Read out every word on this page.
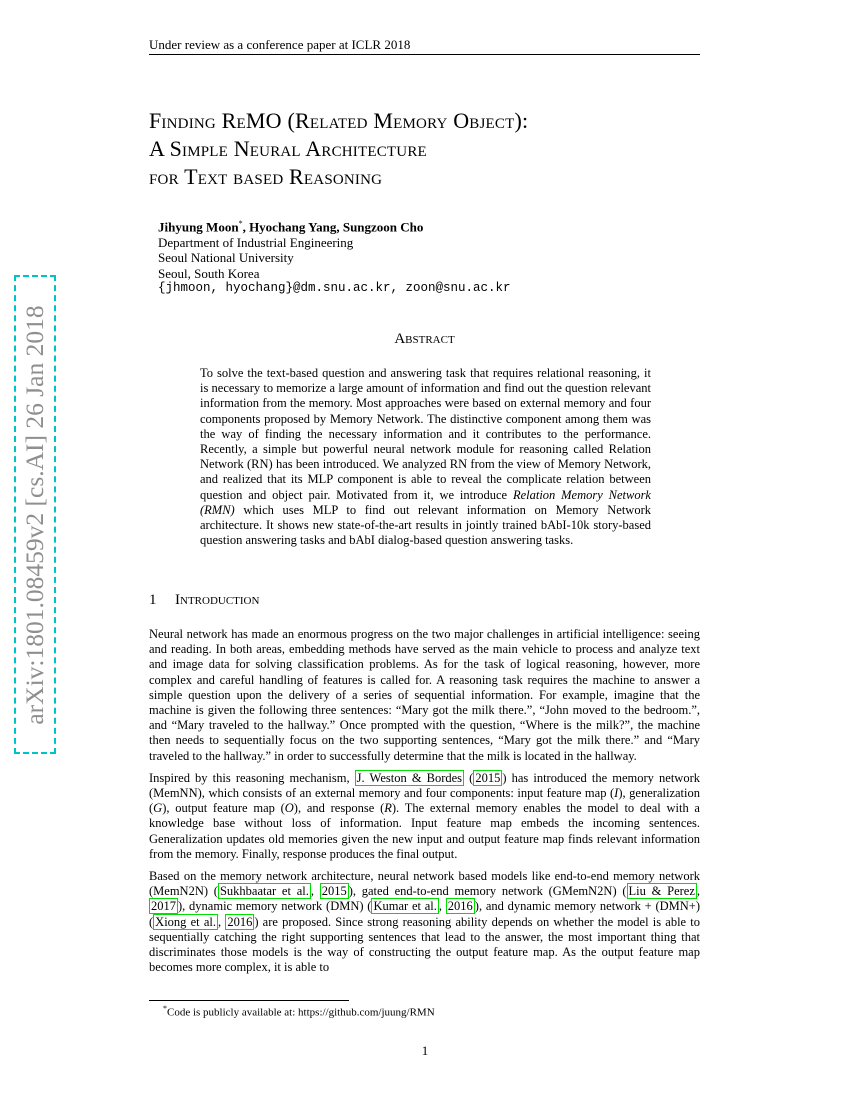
Under review as a conference paper at ICLR 2018
Finding ReMO (Related Memory Object):
A Simple Neural Architecture
for Text based Reasoning
Jihyung Moon*, Hyochang Yang, Sungzoon Cho
Department of Industrial Engineering
Seoul National University
Seoul, South Korea
{jhmoon, hyochang}@dm.snu.ac.kr, zoon@snu.ac.kr
arXiv:1801.08459v2 [cs.AI] 26 Jan 2018	Abstract
To solve the text-based question and answering task that requires relational reasoning, it is necessary to memorize a large amount of information and find out the question relevant information from the memory. Most approaches were based on external memory and four components proposed by Memory Network. The distinctive component among them was the way of finding the necessary information and it contributes to the performance. Recently, a simple but powerful neural network module for reasoning called Relation Network (RN) has been introduced. We analyzed RN from the view of Memory Network, and realized that its MLP component is able to reveal the complicate relation between question and object pair. Motivated from it, we introduce Relation Memory Network (RMN) which uses MLP to find out relevant information on Memory Network architecture. It shows new state-of-the-art results in jointly trained bAbI-10k story-based question answering tasks and bAbI dialog-based question answering tasks.
1 Introduction

Neural network has made an enormous progress on the two major challenges in artificial intelligence: seeing and reading. In both areas, embedding methods have served as the main vehicle to process and analyze text and image data for solving classification problems. As for the task of logical reasoning, however, more complex and careful handling of features is called for. A reasoning task requires the machine to answer a simple question upon the delivery of a series of sequential information. For example, imagine that the machine is given the following three sentences: “Mary got the milk there.”, “John moved to the bedroom.”, and “Mary traveled to the hallway.” Once prompted with the question, “Where is the milk?”, the machine then needs to sequentially focus on the two supporting sentences, “Mary got the milk there.” and “Mary traveled to the hallway.” in order to successfully determine that the milk is located in the hallway.

Inspired by this reasoning mechanism, J. Weston & Bordes ( 2015 ) has introduced the memory network (MemNN), which consists of an external memory and four components: input feature map (I), generalization (G), output feature map (O), and response (R). The external memory enables the model to deal with a knowledge base without loss of information. Input feature map embeds the incoming sentences. Generalization updates old memories given the new input and output feature map finds relevant information from the memory. Finally, response produces the final output.

Based on the memory network architecture, neural network based models like end-to-end memory network (MemN2N) ( Sukhbaatar et al. , 2015 ), gated end-to-end memory network (GMemN2N) ( Liu & Perez , 2017 ), dynamic memory network (DMN) ( Kumar et al. , 2016 ), and dynamic memory network + (DMN+) ( Xiong et al. , 2016 ) are proposed. Since strong reasoning ability depends on whether the model is able to sequentially catching the right supporting sentences that lead to the answer, the most important thing that discriminates those models is the way of constructing the output feature map. As the output feature map becomes more complex, it is able to

*Code is publicly available at: https://github.com/juung/RMN
1
